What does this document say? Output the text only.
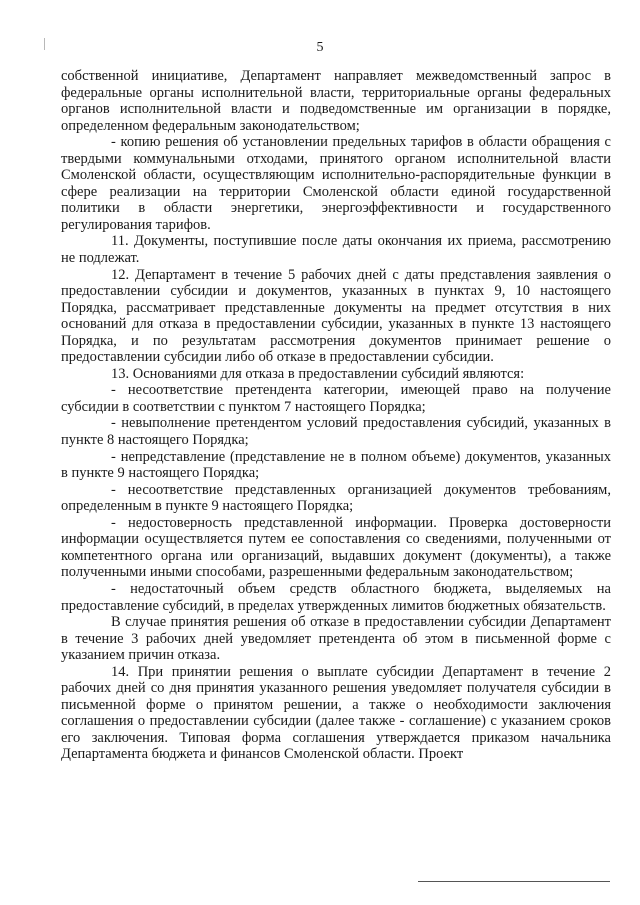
5

собственной инициативе, Департамент направляет межведомственный запрос в федеральные органы исполнительной власти, территориальные органы федеральных органов исполнительной власти и подведомственные им организации в порядке, определенном федеральным законодательством;

- копию решения об установлении предельных тарифов в области обращения с твердыми коммунальными отходами, принятого органом исполнительной власти Смоленской области, осуществляющим исполнительно-распорядительные функции в сфере реализации на территории Смоленской области единой государственной политики в области энергетики, энергоэффективности и государственного регулирования тарифов.

11. Документы, поступившие после даты окончания их приема, рассмотрению не подлежат.

12. Департамент в течение 5 рабочих дней с даты представления заявления о предоставлении субсидии и документов, указанных в пунктах 9, 10 настоящего Порядка, рассматривает представленные документы на предмет отсутствия в них оснований для отказа в предоставлении субсидии, указанных в пункте 13 настоящего Порядка, и по результатам рассмотрения документов принимает решение о предоставлении субсидии либо об отказе в предоставлении субсидии.

13. Основаниями для отказа в предоставлении субсидий являются:

- несоответствие претендента категории, имеющей право на получение субсидии в соответствии с пунктом 7 настоящего Порядка;

- невыполнение претендентом условий предоставления субсидий, указанных в пункте 8 настоящего Порядка;

- непредставление (представление не в полном объеме) документов, указанных в пункте 9 настоящего Порядка;

- несоответствие представленных организацией документов требованиям, определенным в пункте 9 настоящего Порядка;

- недостоверность представленной информации. Проверка достоверности информации осуществляется путем ее сопоставления со сведениями, полученными от компетентного органа или организаций, выдавших документ (документы), а также полученными иными способами, разрешенными федеральным законодательством;

- недостаточный объем средств областного бюджета, выделяемых на предоставление субсидий, в пределах утвержденных лимитов бюджетных обязательств.

В случае принятия решения об отказе в предоставлении субсидии Департамент в течение 3 рабочих дней уведомляет претендента об этом в письменной форме с указанием причин отказа.

14. При принятии решения о выплате субсидии Департамент в течение 2 рабочих дней со дня принятия указанного решения уведомляет получателя субсидии в письменной форме о принятом решении, а также о необходимости заключения соглашения о предоставлении субсидии (далее также - соглашение) с указанием сроков его заключения. Типовая форма соглашения утверждается приказом начальника Департамента бюджета и финансов Смоленской области. Проект
